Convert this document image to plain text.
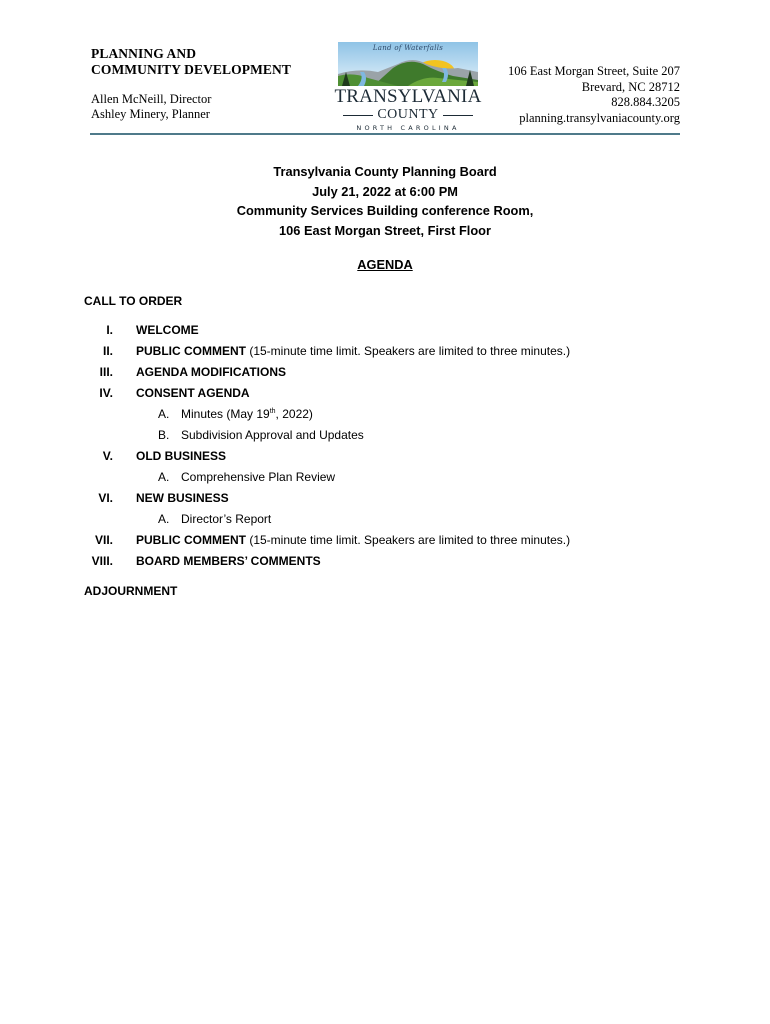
PLANNING AND
COMMUNITY DEVELOPMENT
Allen McNeill, Director
Ashley Minery, Planner
Land of Waterfalls
TRANSYLVANIA
COUNTY
NORTH CAROLINA
106 East Morgan Street, Suite 207
Brevard, NC 28712
828.884.3205
planning.transylvaniacounty.org
Transylvania County Planning Board
July 21, 2022 at 6:00 PM
Community Services Building conference Room,
106 East Morgan Street, First Floor
AGENDA
CALL TO ORDER
I. WELCOME
II. PUBLIC COMMENT (15-minute time limit. Speakers are limited to three minutes.)
III. AGENDA MODIFICATIONS
IV. CONSENT AGENDA
A. Minutes (May 19th, 2022)
B. Subdivision Approval and Updates
V. OLD BUSINESS
A. Comprehensive Plan Review
VI. NEW BUSINESS
A. Director’s Report
VII. PUBLIC COMMENT (15-minute time limit. Speakers are limited to three minutes.)
VIII. BOARD MEMBERS’ COMMENTS
ADJOURNMENT
